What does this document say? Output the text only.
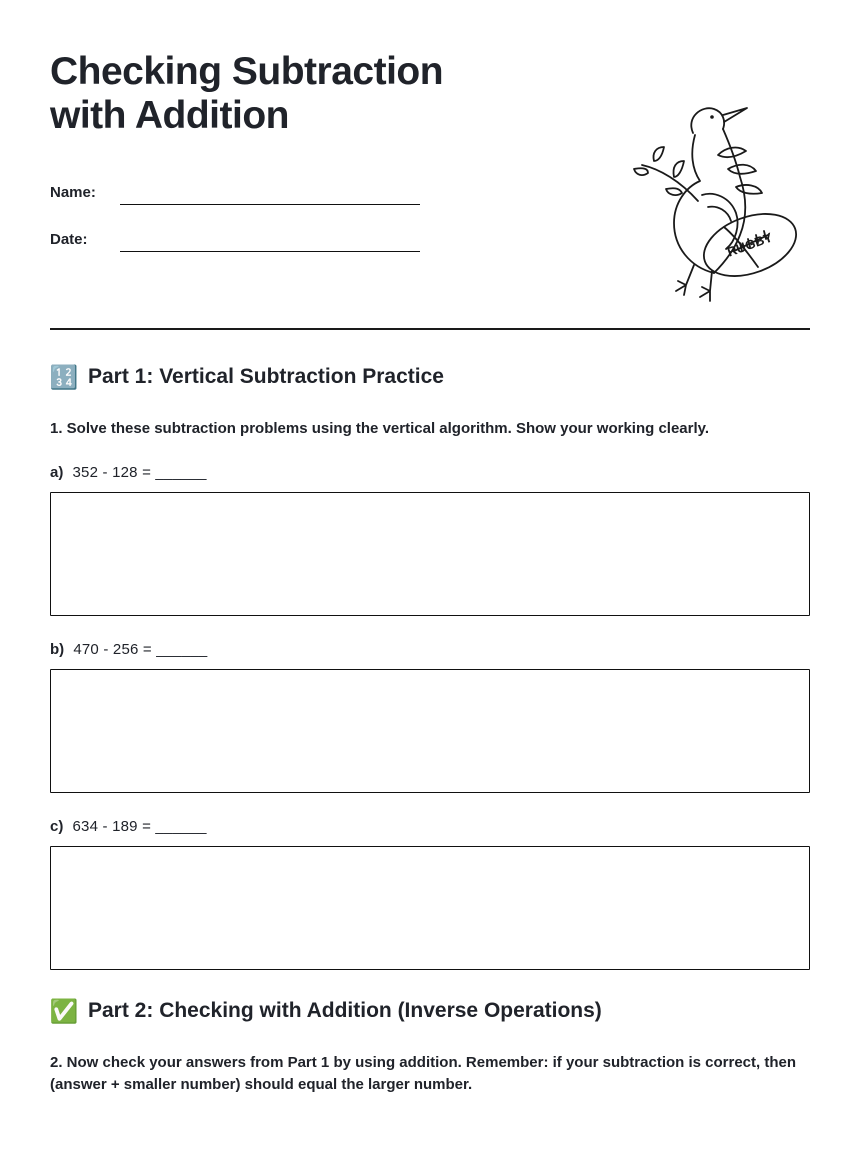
Checking Subtraction
with Addition
Name:
Date:	RUGBY
🔢 Part 1: Vertical Subtraction Practice
1. Solve these subtraction problems using the vertical algorithm. Show your working clearly.
a) 352 - 128 = ______
b) 470 - 256 = ______
c) 634 - 189 = ______
✅ Part 2: Checking with Addition (Inverse Operations)
2. Now check your answers from Part 1 by using addition. Remember: if your subtraction is correct, then (answer + smaller number) should equal the larger number.
